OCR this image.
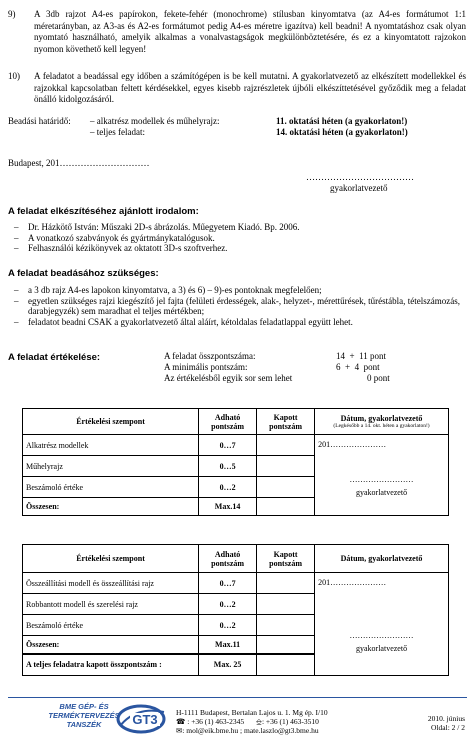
9) A 3db rajzot A4-es papírokon, fekete-fehér (monochrome) stílusban kinyomtatva (az A4-es formátumot 1:1 méretarányban, az A3-as és A2-es formátumot pedig A4-es méretre igazítva) kell beadni! A nyomtatáshoz csak olyan nyomtató használható, amelyik alkalmas a vonalvastagságok megkülönböztetésére, és ez a kinyomtatott rajzokon nyomon követhető kell legyen!
10) A feladatot a beadással egy időben a számítógépen is be kell mutatni. A gyakorlatvezető az elkészített modellekkel és rajzokkal kapcsolatban feltett kérdésekkel, egyes kisebb rajzrészletek újbóli elkészíttetésével győződik meg a feladat önálló kidolgozásáról.
Beadási határidő: – alkatrész modellek és műhelyrajz:	11. oktatási héten (a gyakorlaton!)
– teljes feladat:	14. oktatási héten (a gyakorlaton!)
Budapest, 201…………………………
………………………………
gyakorlatvezető
A feladat elkészítéséhez ajánlott irodalom:
– Dr. Házkötő István: Műszaki 2D-s ábrázolás. Műegyetem Kiadó. Bp. 2006.
– A vonatkozó szabványok és gyártmánykatalógusok.
– Felhasználói kézikönyvek az oktatott 3D-s szoftverhez.
A feladat beadásához szükséges:
– a 3 db rajz A4-es lapokon kinyomtatva, a 3) és 6) – 9)-es pontoknak megfelelően;
– egyetlen szükséges rajzi kiegészítő jel fajta (felületi érdességek, alak-, helyzet-, mérettűrések, tűréstábla, tételszámozás, darabjegyzék) sem maradhat el teljes mértékben;
– feladatot beadni CSAK a gyakorlatvezető által aláírt, kétoldalas feladatlappal együtt lehet.
A feladat értékelése:	A feladat összpontszáma:	14  +  11 pont
A minimális pontszám:	6  +  4  pont
Az értékelésből egyik sor sem lehet	0 pont
Értékelési szempont	Adható pontszám	Kapott pontszám	Dátum, gyakorlatvezető
(Legkésőbb a 14. okt. héten a gyakorlaton!)

Alkatrész modellek	0…7		201…………………
……………………
gyakorlatvezető

Műhelyrajz	0…5		
Beszámoló értéke	0…2		
Összesen:	Max.14		
Értékelési szempont	Adható pontszám	Kapott pontszám	Dátum, gyakorlatvezető
Összeállítási modell és összeállítási rajz	0…7		201…………………
……………………
gyakorlatvezető

Robbantott modell és szerelési rajz	0…2		
Beszámoló értéke	0…2		
Összesen:	Max.11		
A teljes feladatra kapott összpontszám :	Max. 25		
BME GÉP- ÉS
TERMÉKTERVEZÉS
TANSZÉK	GT3 H-1111 Budapest, Bertalan Lajos u. 1. Mg ép. I/10
☎ : +36 (1) 463-2345 ⎒: +36 (1) 463-3510
✉: mol@eik.bme.hu ; mate.laszlo@gt3.bme.hu
2010. június
Oldal: 2 / 2
